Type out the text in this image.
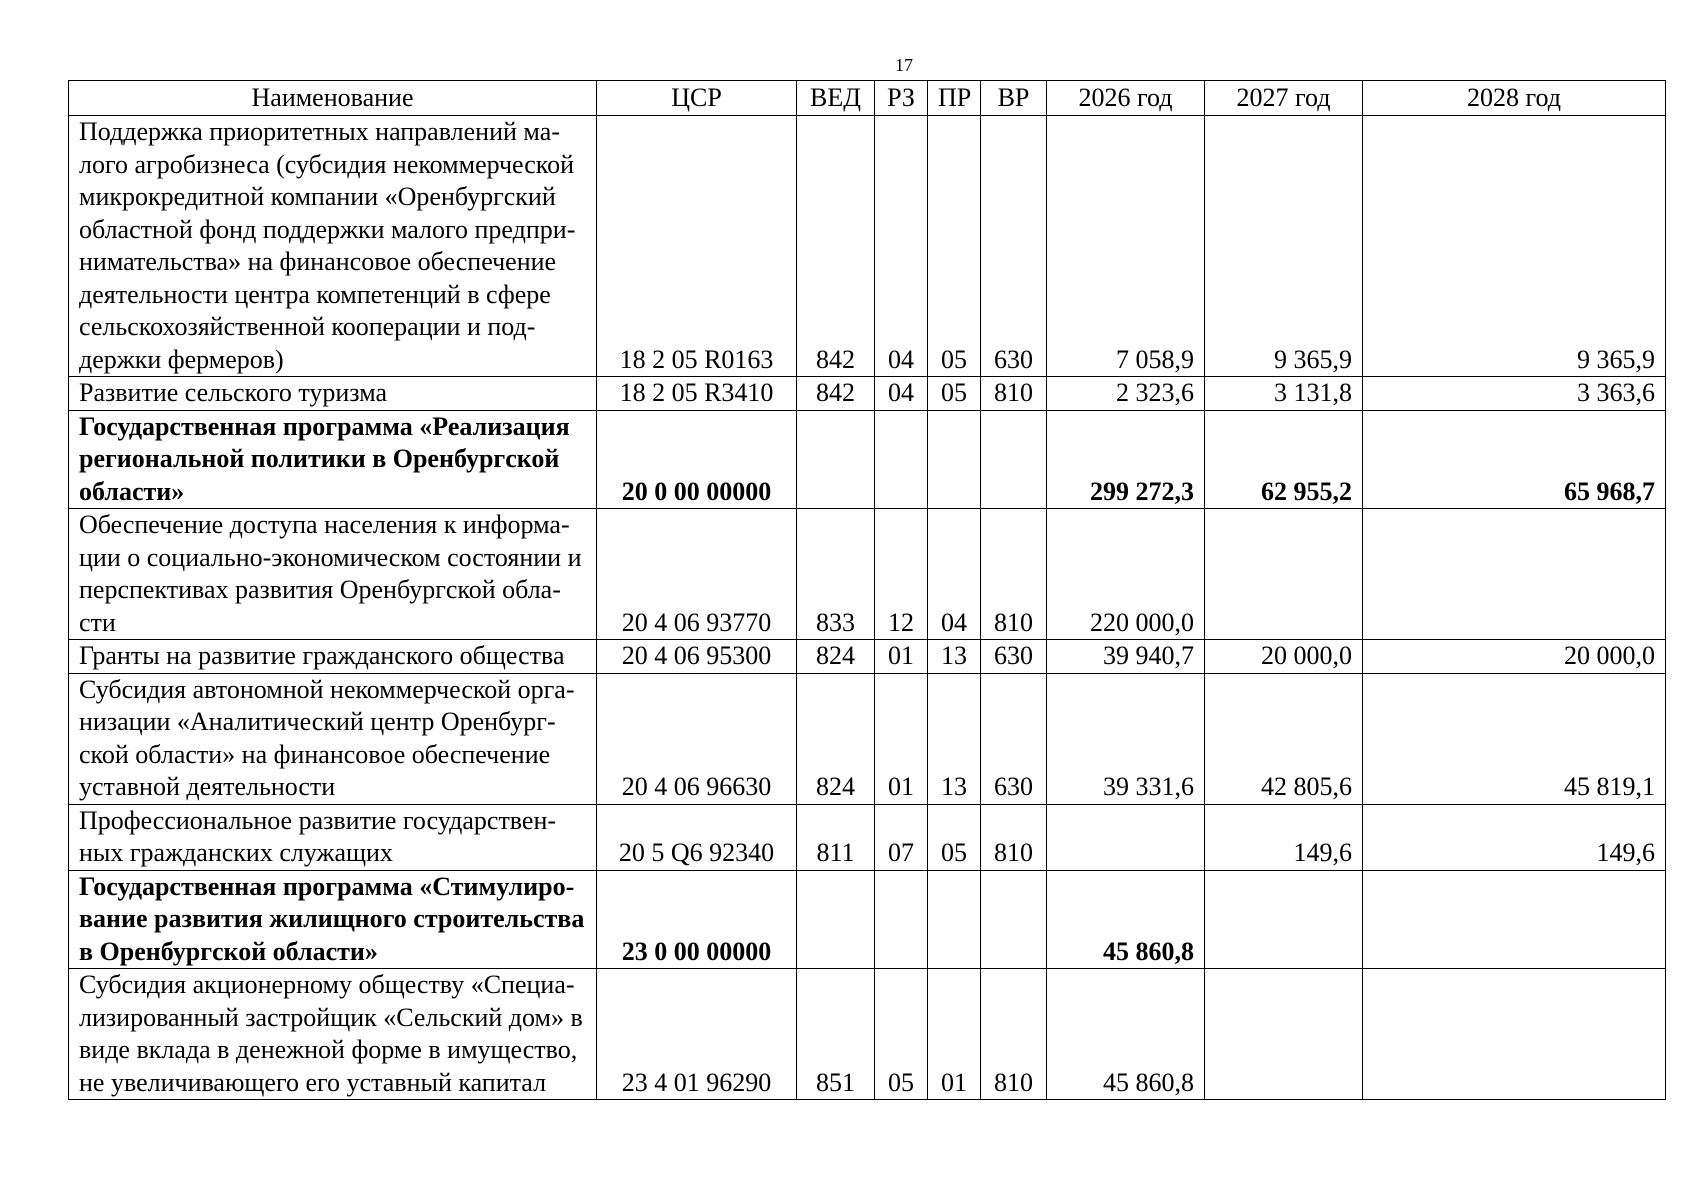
17
Наименование	ЦСР	ВЕД	РЗ	ПР	ВР	2026 год	2027 год	2028 год
Поддержка приоритетных направлений ма-лого агробизнеса (субсидия некоммерческой микрокредитной компании «Оренбургский областной фонд поддержки малого предпри-нимательства» на финансовое обеспечение деятельности центра компетенций в сфере сельскохозяйственной кооперации и под-держки фермеров)	18 2 05 R0163	842	04	05	630	7 058,9	9 365,9	9 365,9
Развитие сельского туризма	18 2 05 R3410	842	04	05	810	2 323,6	3 131,8	3 363,6
Государственная программа «Реализация региональной политики в Оренбургской области»	20 0 00 00000					299 272,3	62 955,2	65 968,7
Обеспечение доступа населения к информа-ции о социально-экономическом состоянии и перспективах развития Оренбургской обла-сти	20 4 06 93770	833	12	04	810	220 000,0		
Гранты на развитие гражданского общества	20 4 06 95300	824	01	13	630	39 940,7	20 000,0	20 000,0
Субсидия автономной некоммерческой орга-низации «Аналитический центр Оренбург-ской области» на финансовое обеспечение уставной деятельности	20 4 06 96630	824	01	13	630	39 331,6	42 805,6	45 819,1
Профессиональное развитие государствен-ных гражданских служащих	20 5 Q6 92340	811	07	05	810		149,6	149,6
Государственная программа «Стимулиро-вание развития жилищного строительства в Оренбургской области»	23 0 00 00000					45 860,8		
Субсидия акционерному обществу «Специа-лизированный застройщик «Сельский дом» в виде вклада в денежной форме в имущество, не увеличивающего его уставный капитал	23 4 01 96290	851	05	01	810	45 860,8		
